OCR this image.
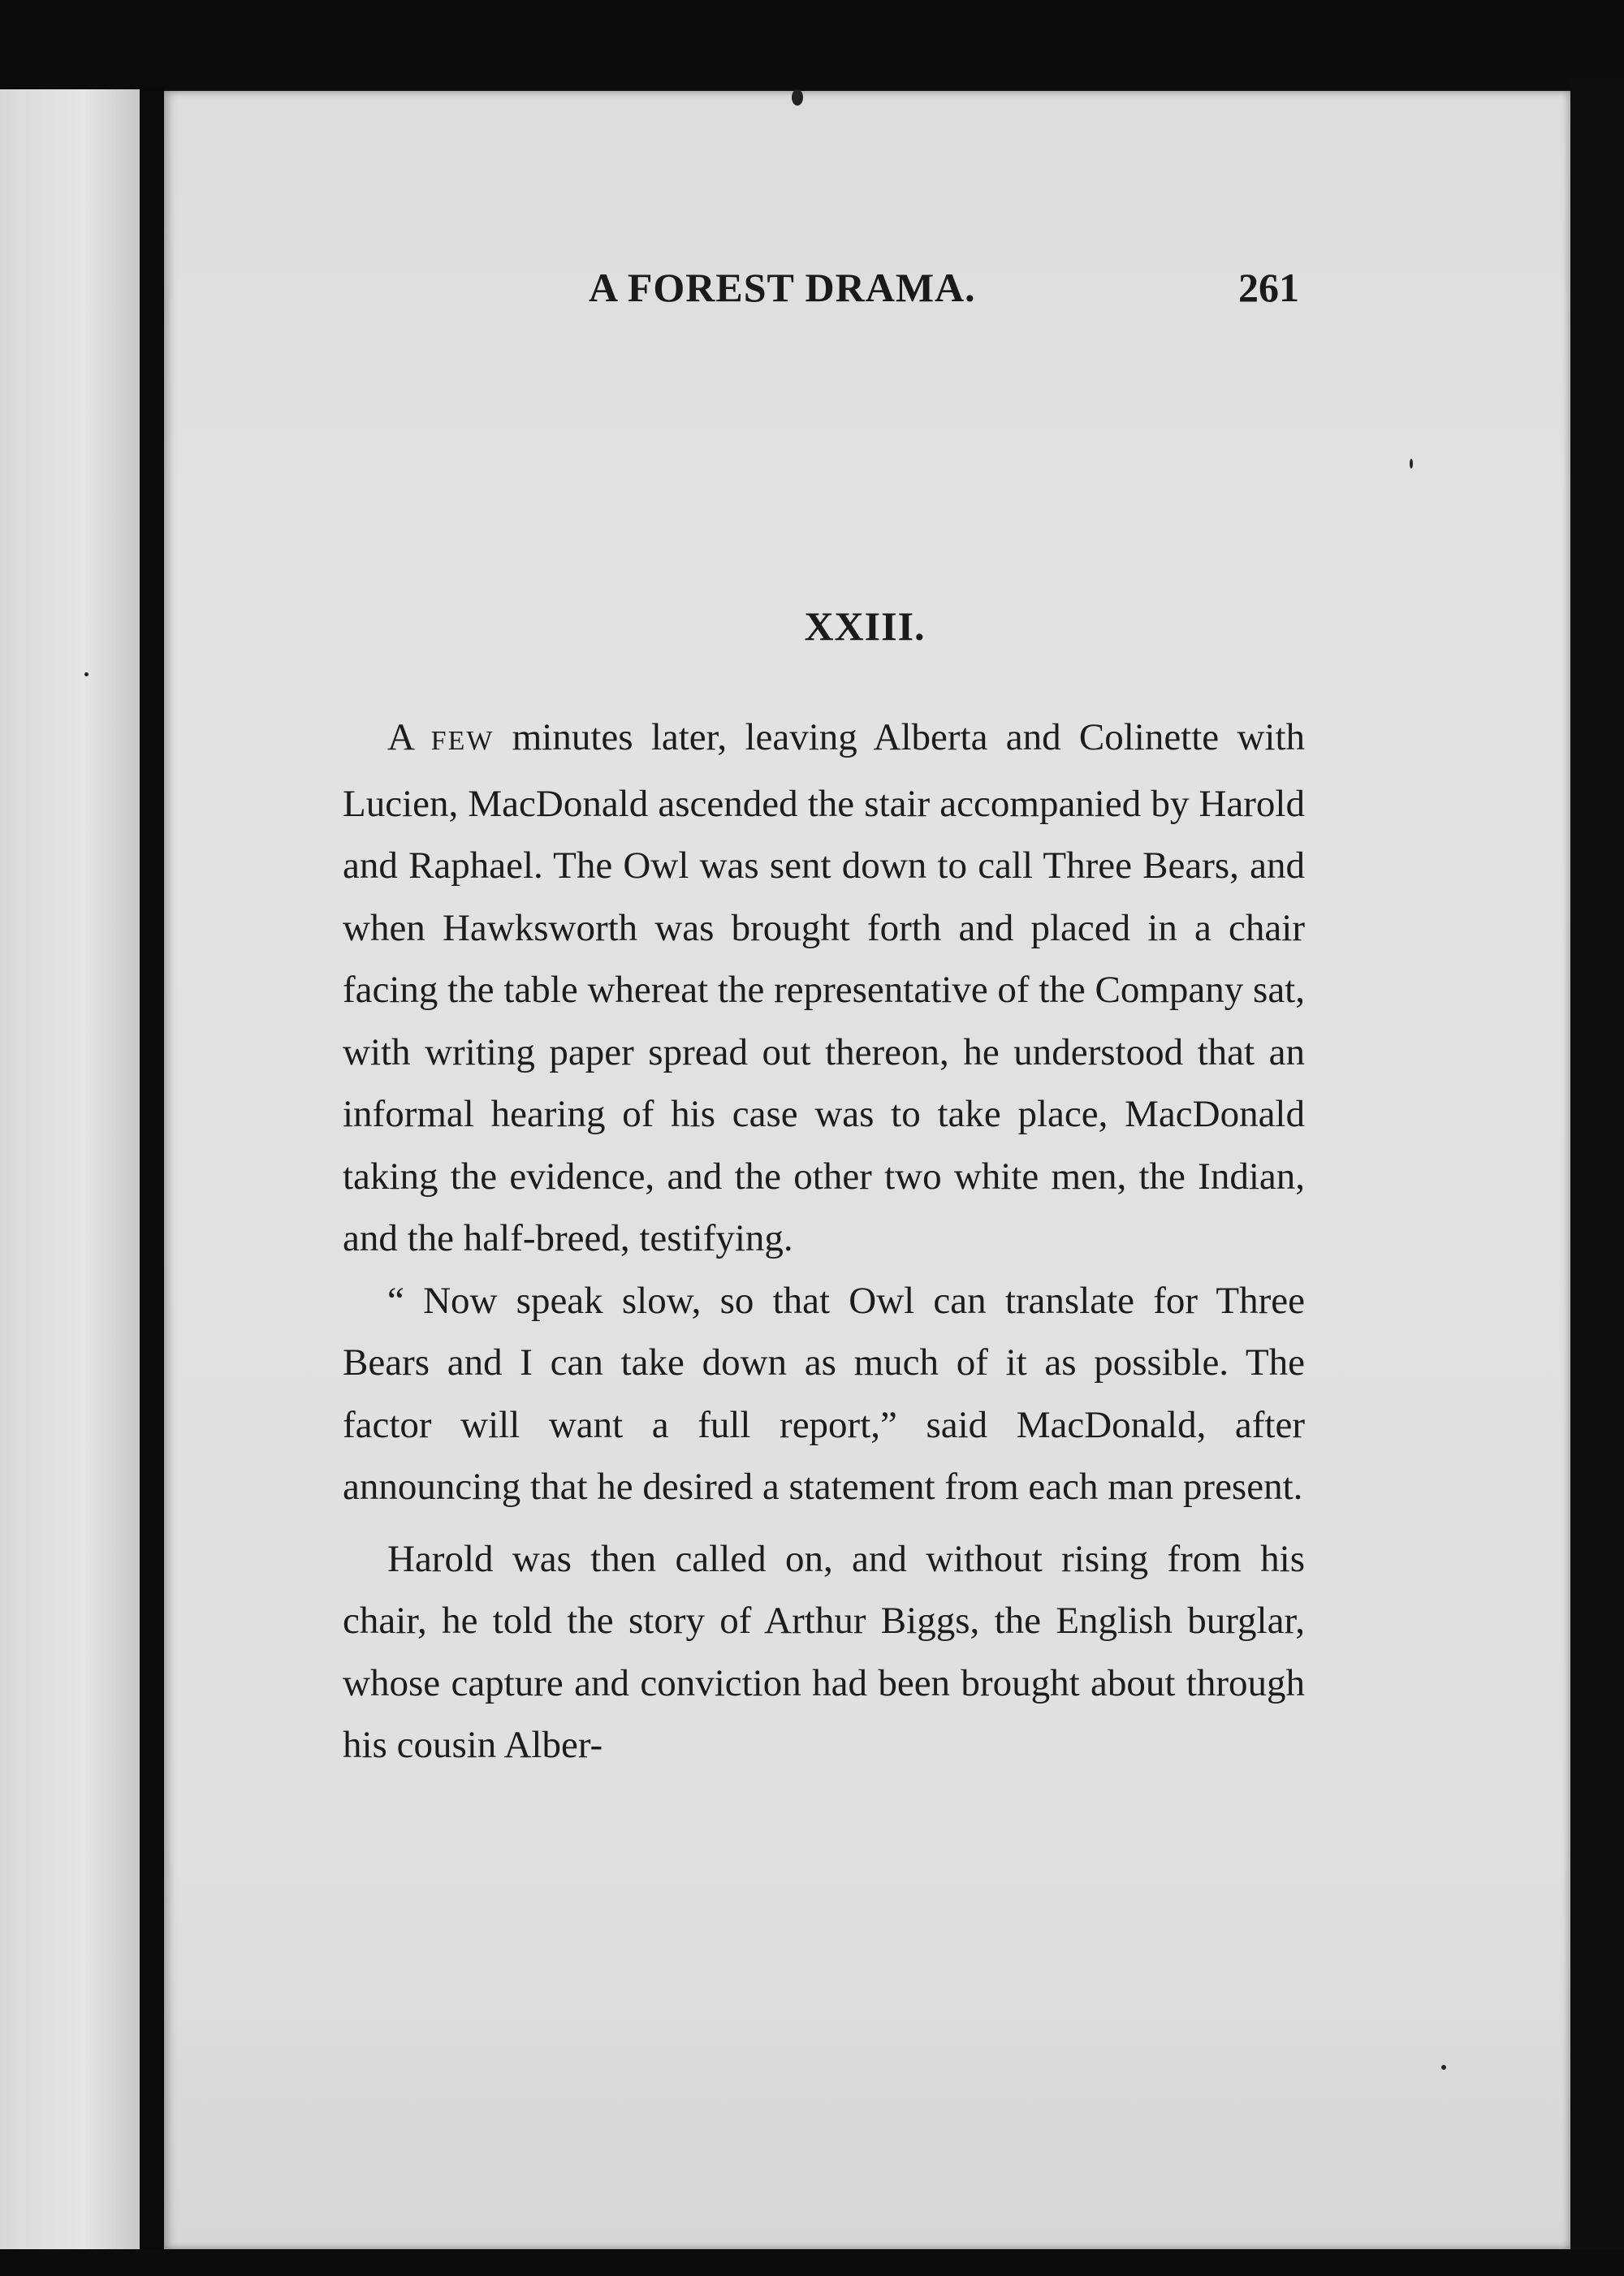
A FOREST DRAMA.	261
XXIII.

A FEW minutes later, leaving Alberta and Colinette with Lucien, MacDonald ascended the stair accompanied by Harold and Raphael. The Owl was sent down to call Three Bears, and when Hawksworth was brought forth and placed in a chair facing the table whereat the representative of the Company sat, with writing paper spread out thereon, he understood that an informal hearing of his case was to take place, MacDonald taking the evidence, and the other two white men, the Indian, and the half-breed, testifying.

“ Now speak slow, so that Owl can translate for Three Bears and I can take down as much of it as possible. The factor will want a full report,” said MacDonald, after announcing that he desired a statement from each man present.

Harold was then called on, and without rising from his chair, he told the story of Arthur Biggs, the English burglar, whose capture and conviction had been brought about through his cousin Alber-
